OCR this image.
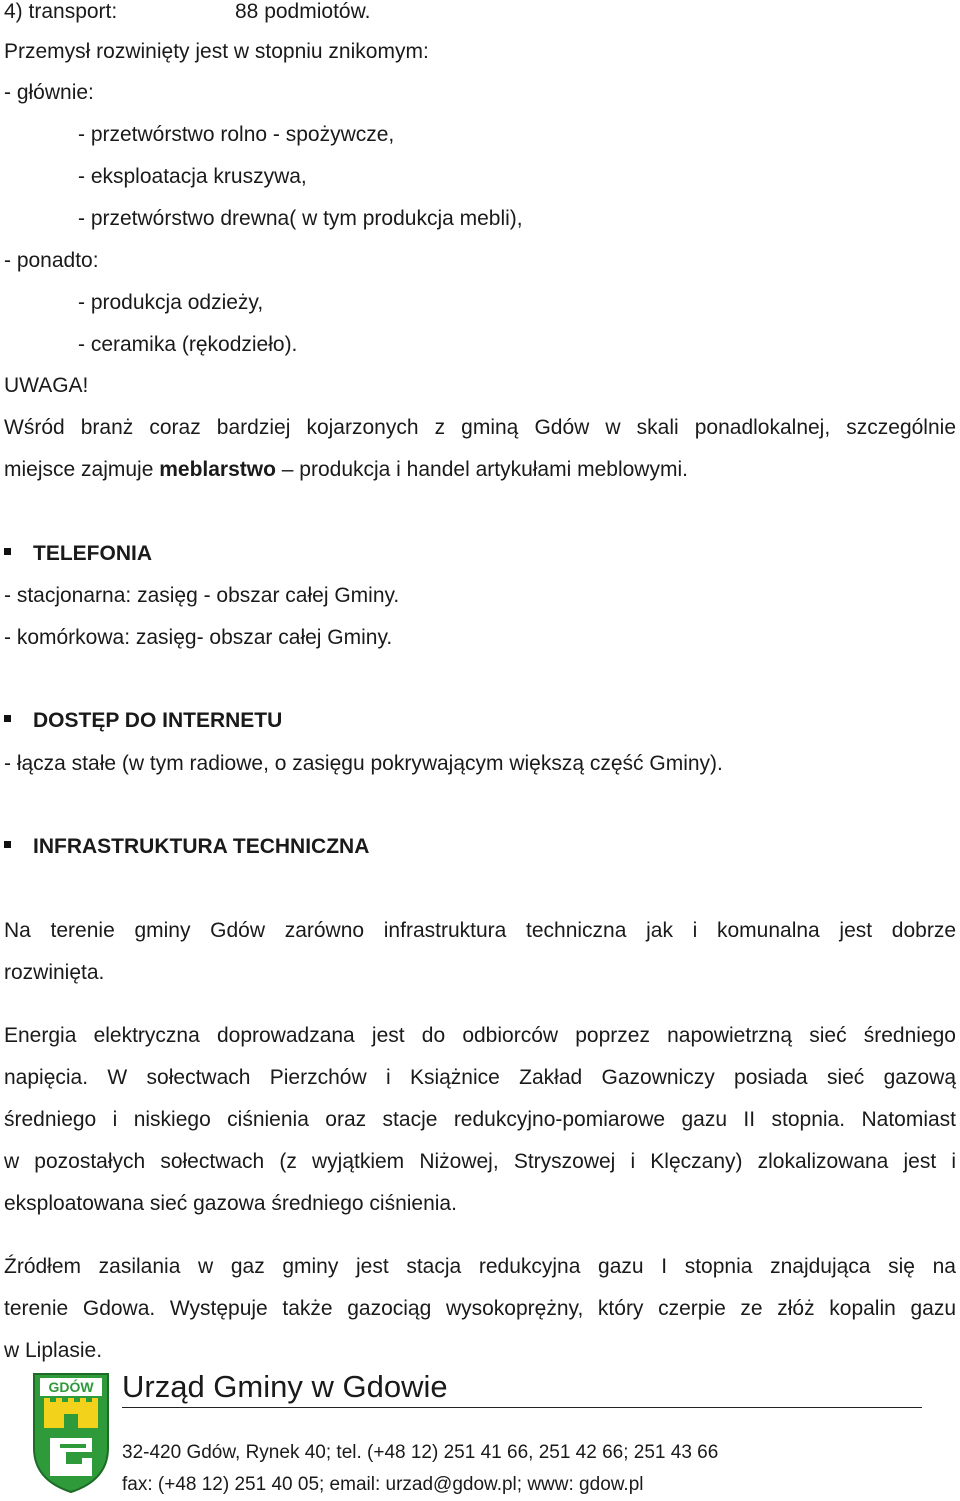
4) transport:	88 podmiotów.
Przemysł rozwinięty jest w stopniu znikomym:
- głównie:
- przetwórstwo rolno - spożywcze,
- eksploatacja kruszywa,
- przetwórstwo drewna( w tym produkcja mebli),
- ponadto:
- produkcja odzieży,
- ceramika (rękodzieło).
UWAGA!
Wśród branż coraz bardziej kojarzonych z gminą Gdów w skali ponadlokalnej, szczególnie
miejsce zajmuje meblarstwo – produkcja i handel artykułami meblowymi.
TELEFONIA
- stacjonarna: zasięg - obszar całej Gminy.
- komórkowa: zasięg- obszar całej Gminy.
DOSTĘP DO INTERNETU
- łącza stałe (w tym radiowe, o zasięgu pokrywającym większą część Gminy).
INFRASTRUKTURA TECHNICZNA
Na terenie gminy Gdów zarówno infrastruktura techniczna jak i komunalna jest dobrze
rozwinięta.
Energia elektryczna doprowadzana jest do odbiorców poprzez napowietrzną sieć średniego
napięcia. W sołectwach Pierzchów i Książnice Zakład Gazowniczy posiada sieć gazową
średniego i niskiego ciśnienia oraz stacje redukcyjno-pomiarowe gazu II stopnia. Natomiast
w pozostałych sołectwach (z wyjątkiem Niżowej, Stryszowej i Klęczany) zlokalizowana jest i
eksploatowana sieć gazowa średniego ciśnienia.
Źródłem zasilania w gaz gminy jest stacja redukcyjna gazu I stopnia znajdująca się na
terenie Gdowa. Występuje także gazociąg wysokoprężny, który czerpie ze złóż kopalin gazu
w Liplasie.
GDÓW Urząd Gminy w Gdowie
32-420 Gdów, Rynek 40; tel. (+48 12) 251 41 66, 251 42 66; 251 43 66
fax: (+48 12) 251 40 05; email: urzad@gdow.pl; www: gdow.pl
